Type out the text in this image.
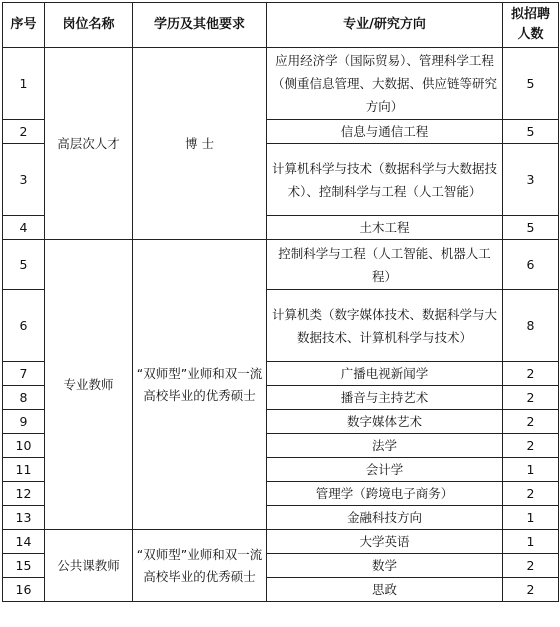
序号	岗位名称	学历及其他要求	专业/研究方向	拟招聘人数
1	高层次人才	博 士	应用经济学（国际贸易）、管理科学工程（侧重信息管理、大数据、供应链等研究方向）	5
2			信息与通信工程	5
3			计算机科学与技术（数据科学与大数据技术）、控制科学与工程（人工智能）	3
4			土木工程	5
5	专业教师	“双师型”业师和双一流高校毕业的优秀硕士	控制科学与工程（人工智能、机器人工程）	6
6			计算机类（数字媒体技术、数据科学与大数据技术、计算机科学与技术）	8
7			广播电视新闻学	2
8			播音与主持艺术	2
9			数字媒体艺术	2
10			法学	2
11			会计学	1
12			管理学（跨境电子商务）	2
13			金融科技方向	1
14	公共课教师	“双师型”业师和双一流高校毕业的优秀硕士	大学英语	1
15			数学	2
16			思政	2
